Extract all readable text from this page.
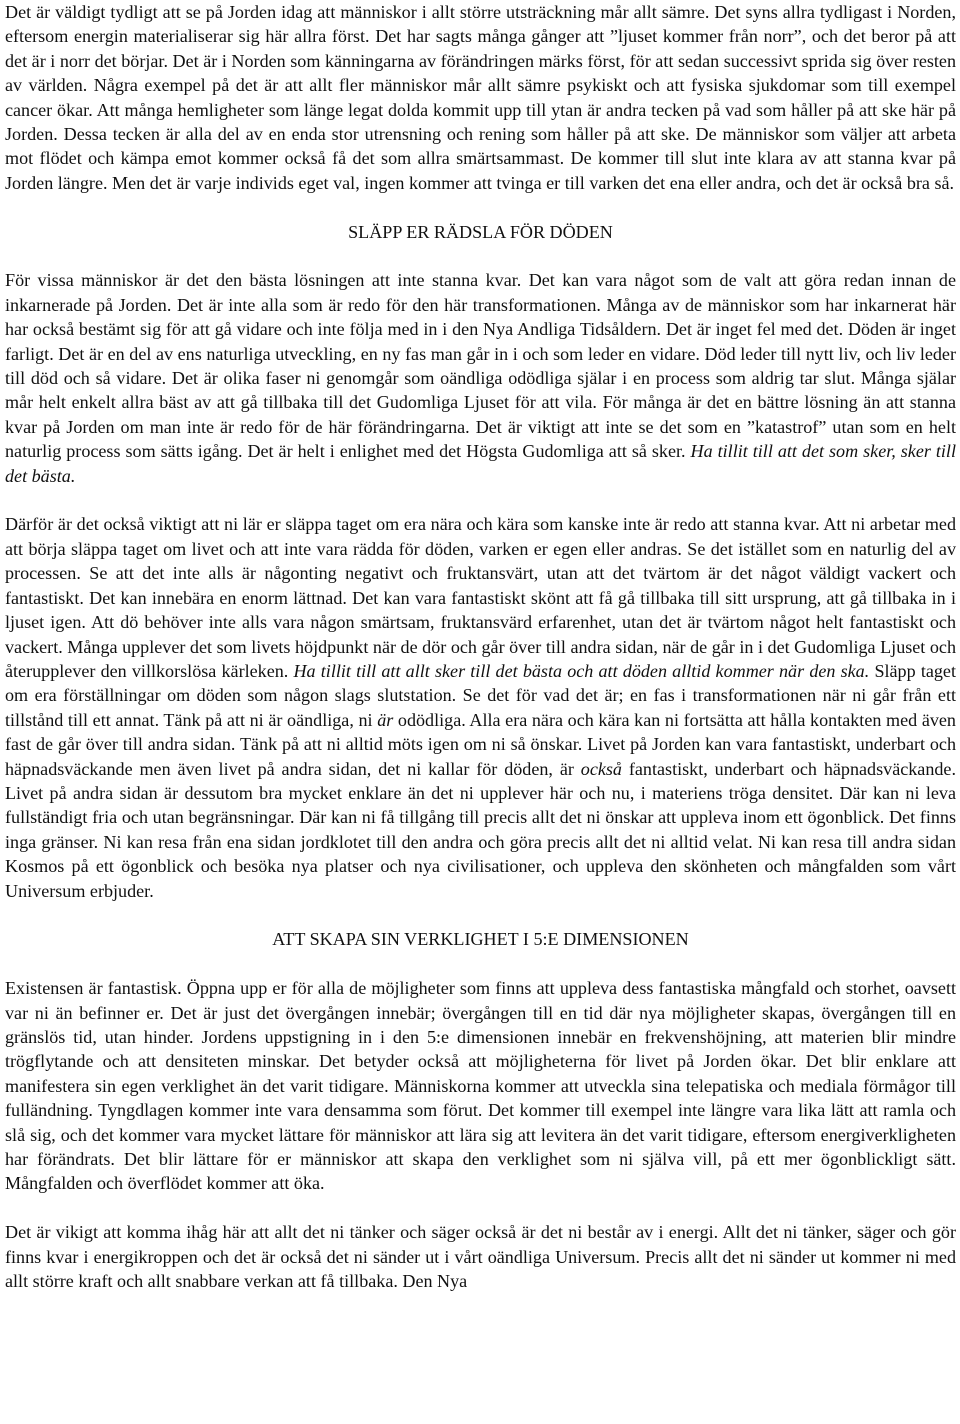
Det är väldigt tydligt att se på Jorden idag att människor i allt större utsträckning mår allt sämre. Det syns allra tydligast i Norden, eftersom energin materialiserar sig här allra först. Det har sagts många gånger att ”ljuset kommer från norr”, och det beror på att det är i norr det börjar. Det är i Norden som känningarna av förändringen märks först, för att sedan successivt sprida sig över resten av världen. Några exempel på det är att allt fler människor mår allt sämre psykiskt och att fysiska sjukdomar som till exempel cancer ökar. Att många hemligheter som länge legat dolda kommit upp till ytan är andra tecken på vad som håller på att ske här på Jorden. Dessa tecken är alla del av en enda stor utrensning och rening som håller på att ske. De människor som väljer att arbeta mot flödet och kämpa emot kommer också få det som allra smärtsammast. De kommer till slut inte klara av att stanna kvar på Jorden längre. Men det är varje individs eget val, ingen kommer att tvinga er till varken det ena eller andra, och det är också bra så.

SLÄPP ER RÄDSLA FÖR DÖDEN

För vissa människor är det den bästa lösningen att inte stanna kvar. Det kan vara något som de valt att göra redan innan de inkarnerade på Jorden. Det är inte alla som är redo för den här transformationen. Många av de människor som har inkarnerat här har också bestämt sig för att gå vidare och inte följa med in i den Nya Andliga Tidsåldern. Det är inget fel med det. Döden är inget farligt. Det är en del av ens naturliga utveckling, en ny fas man går in i och som leder en vidare. Död leder till nytt liv, och liv leder till död och så vidare. Det är olika faser ni genomgår som oändliga odödliga själar i en process som aldrig tar slut. Många själar mår helt enkelt allra bäst av att gå tillbaka till det Gudomliga Ljuset för att vila. För många är det en bättre lösning än att stanna kvar på Jorden om man inte är redo för de här förändringarna. Det är viktigt att inte se det som en ”katastrof” utan som en helt naturlig process som sätts igång. Det är helt i enlighet med det Högsta Gudomliga att så sker. Ha tillit till att det som sker, sker till det bästa.

Därför är det också viktigt att ni lär er släppa taget om era nära och kära som kanske inte är redo att stanna kvar. Att ni arbetar med att börja släppa taget om livet och att inte vara rädda för döden, varken er egen eller andras. Se det istället som en naturlig del av processen. Se att det inte alls är någonting negativt och fruktansvärt, utan att det tvärtom är det något väldigt vackert och fantastiskt. Det kan innebära en enorm lättnad. Det kan vara fantastiskt skönt att få gå tillbaka till sitt ursprung, att gå tillbaka in i ljuset igen. Att dö behöver inte alls vara någon smärtsam, fruktansvärd erfarenhet, utan det är tvärtom något helt fantastiskt och vackert. Många upplever det som livets höjdpunkt när de dör och går över till andra sidan, när de går in i det Gudomliga Ljuset och återupplever den villkorslösa kärleken. Ha tillit till att allt sker till det bästa och att döden alltid kommer när den ska. Släpp taget om era förställningar om döden som någon slags slutstation. Se det för vad det är; en fas i transformationen när ni går från ett tillstånd till ett annat. Tänk på att ni är oändliga, ni är odödliga. Alla era nära och kära kan ni fortsätta att hålla kontakten med även fast de går över till andra sidan. Tänk på att ni alltid möts igen om ni så önskar. Livet på Jorden kan vara fantastiskt, underbart och häpnadsväckande men även livet på andra sidan, det ni kallar för döden, är också fantastiskt, underbart och häpnadsväckande. Livet på andra sidan är dessutom bra mycket enklare än det ni upplever här och nu, i materiens tröga densitet. Där kan ni leva fullständigt fria och utan begränsningar. Där kan ni få tillgång till precis allt det ni önskar att uppleva inom ett ögonblick. Det finns inga gränser. Ni kan resa från ena sidan jordklotet till den andra och göra precis allt det ni alltid velat. Ni kan resa till andra sidan Kosmos på ett ögonblick och besöka nya platser och nya civilisationer, och uppleva den skönheten och mångfalden som vårt Universum erbjuder.

ATT SKAPA SIN VERKLIGHET I 5:E DIMENSIONEN

Existensen är fantastisk. Öppna upp er för alla de möjligheter som finns att uppleva dess fantastiska mångfald och storhet, oavsett var ni än befinner er. Det är just det övergången innebär; övergången till en tid där nya möjligheter skapas, övergången till en gränslös tid, utan hinder. Jordens uppstigning in i den 5:e dimensionen innebär en frekvenshöjning, att materien blir mindre trögflytande och att densiteten minskar. Det betyder också att möjligheterna för livet på Jorden ökar. Det blir enklare att manifestera sin egen verklighet än det varit tidigare. Människorna kommer att utveckla sina telepatiska och mediala förmågor till fulländning. Tyngdlagen kommer inte vara densamma som förut. Det kommer till exempel inte längre vara lika lätt att ramla och slå sig, och det kommer vara mycket lättare för människor att lära sig att levitera än det varit tidigare, eftersom energiverkligheten har förändrats. Det blir lättare för er människor att skapa den verklighet som ni själva vill, på ett mer ögonblickligt sätt. Mångfalden och överflödet kommer att öka.

Det är vikigt att komma ihåg här att allt det ni tänker och säger också är det ni består av i energi. Allt det ni tänker, säger och gör finns kvar i energikroppen och det är också det ni sänder ut i vårt oändliga Universum. Precis allt det ni sänder ut kommer ni med allt större kraft och allt snabbare verkan att få tillbaka. Den Nya
